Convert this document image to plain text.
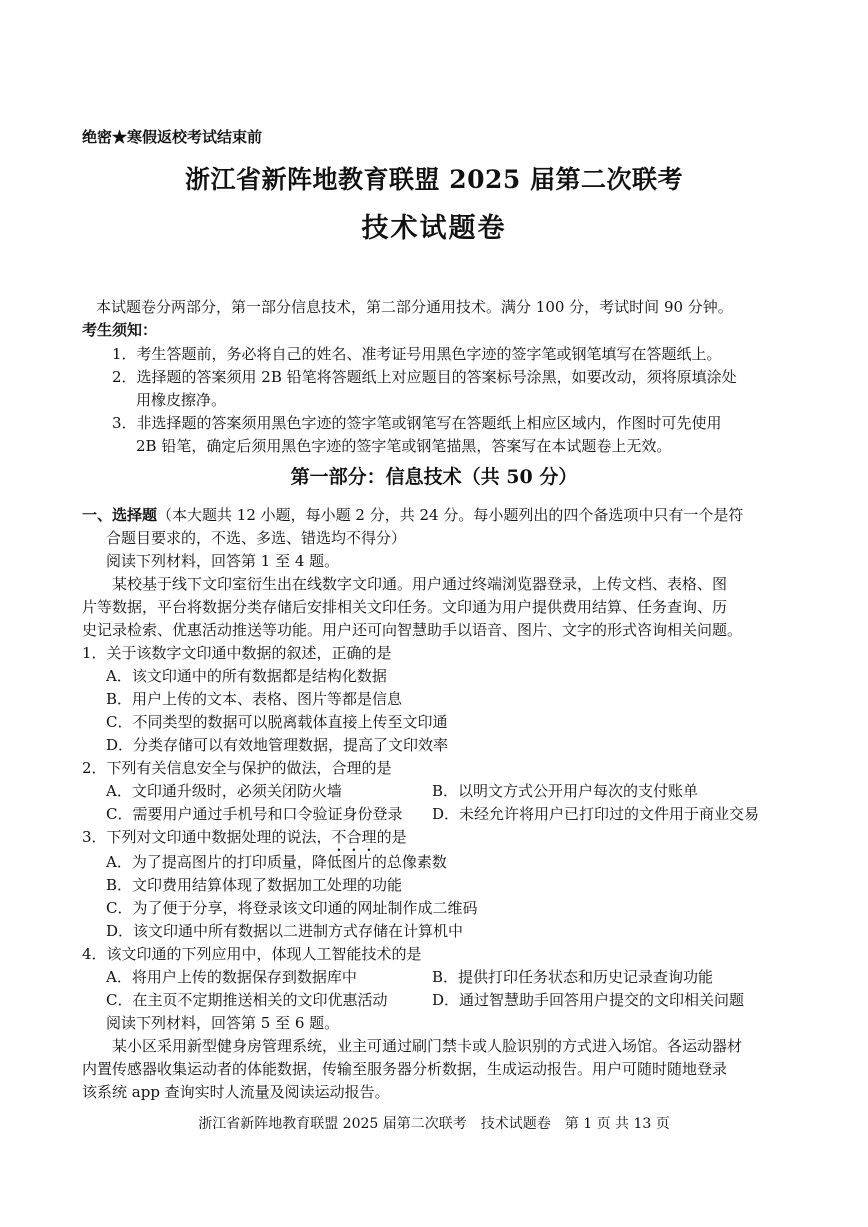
绝密★寒假返校考试结束前
浙江省新阵地教育联盟 2025 届第二次联考
技术试题卷
本试题卷分两部分，第一部分信息技术，第二部分通用技术。满分 100 分，考试时间 90 分钟。
考生须知：
1．考生答题前，务必将自己的姓名、准考证号用黑色字迹的签字笔或钢笔填写在答题纸上。
2．选择题的答案须用 2B 铅笔将答题纸上对应题目的答案标号涂黑，如要改动，须将原填涂处
用橡皮擦净。
3．非选择题的答案须用黑色字迹的签字笔或钢笔写在答题纸上相应区域内，作图时可先使用
2B 铅笔，确定后须用黑色字迹的签字笔或钢笔描黑，答案写在本试题卷上无效。
第一部分：信息技术（共 50 分）
一、选择题（本大题共 12 小题，每小题 2 分，共 24 分。每小题列出的四个备选项中只有一个是符
合题目要求的，不选、多选、错选均不得分）
阅读下列材料，回答第 1 至 4 题。
某校基于线下文印室衍生出在线数字文印通。用户通过终端浏览器登录，上传文档、表格、图
片等数据，平台将数据分类存储后安排相关文印任务。文印通为用户提供费用结算、任务查询、历
史记录检索、优惠活动推送等功能。用户还可向智慧助手以语音、图片、文字的形式咨询相关问题。
1．关于该数字文印通中数据的叙述，正确的是
A．该文印通中的所有数据都是结构化数据
B．用户上传的文本、表格、图片等都是信息
C．不同类型的数据可以脱离载体直接上传至文印通
D．分类存储可以有效地管理数据，提高了文印效率
2．下列有关信息安全与保护的做法，合理的是
A．文印通升级时，必须关闭防火墙	B．以明文方式公开用户每次的支付账单
C．需要用户通过手机号和口令验证身份登录 D．未经允许将用户已打印过的文件用于商业交易
3．下列对文印通中数据处理的说法，不合理的是
A．为了提高图片的打印质量，降低图片的总像素数
B．文印费用结算体现了数据加工处理的功能
C．为了便于分享，将登录该文印通的网址制作成二维码
D．该文印通中所有数据以二进制方式存储在计算机中
4．该文印通的下列应用中，体现人工智能技术的是
A．将用户上传的数据保存到数据库中	B．提供打印任务状态和历史记录查询功能
C．在主页不定期推送相关的文印优惠活动	D．通过智慧助手回答用户提交的文印相关问题
阅读下列材料，回答第 5 至 6 题。
某小区采用新型健身房管理系统，业主可通过刷门禁卡或人脸识别的方式进入场馆。各运动器材
内置传感器收集运动者的体能数据，传输至服务器分析数据，生成运动报告。用户可随时随地登录
该系统 app 查询实时人流量及阅读运动报告。
浙江省新阵地教育联盟 2025 届第二次联考　技术试题卷　第 1 页 共 13 页
